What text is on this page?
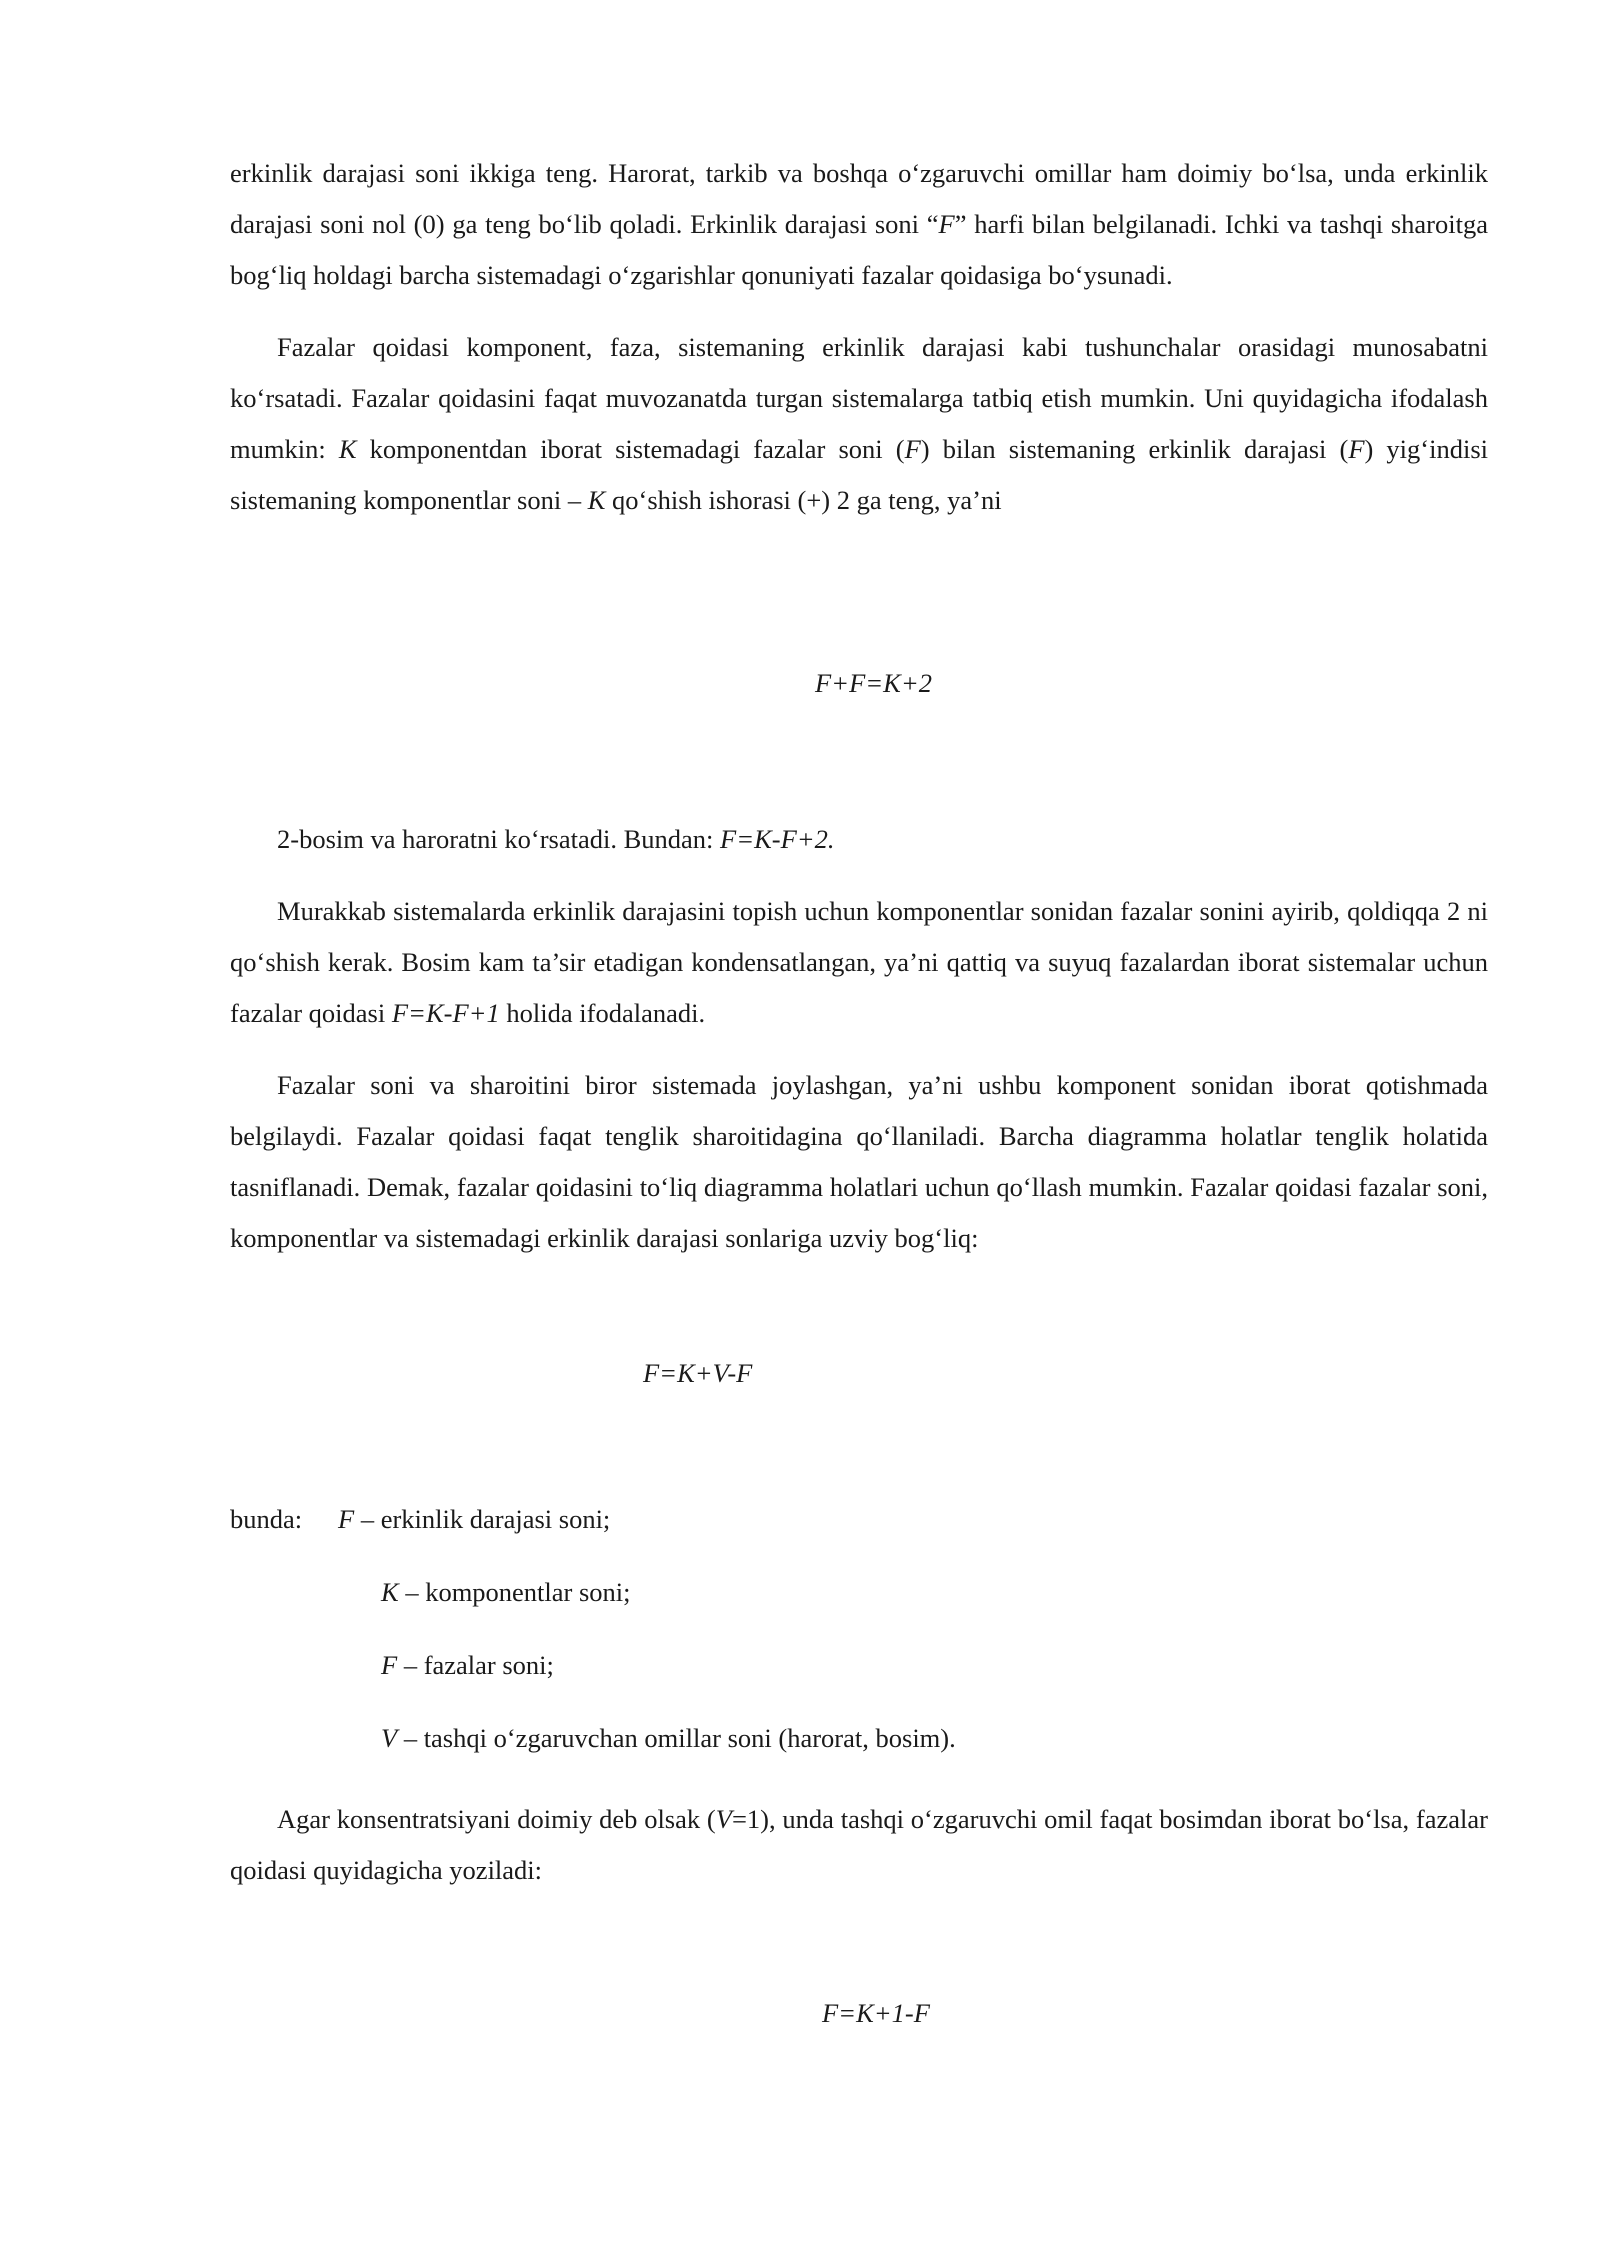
erkinlik darajasi soni ikkiga teng. Harorat, tarkib va boshqa o‘zgaruvchi omillar ham doimiy bo‘lsa, unda erkinlik darajasi soni nol (0) ga teng bo‘lib qoladi. Erkinlik darajasi soni “F” harfi bilan belgilanadi. Ichki va tashqi sharoitga bog‘liq holdagi barcha sistemadagi o‘zgarishlar qonuniyati fazalar qoidasiga bo‘ysunadi.

Fazalar qoidasi komponent, faza, sistemaning erkinlik darajasi kabi tushunchalar orasidagi munosabatni ko‘rsatadi. Fazalar qoidasini faqat muvozanatda turgan sistemalarga tatbiq etish mumkin. Uni quyidagicha ifodalash mumkin: K komponentdan iborat sistemadagi fazalar soni (F) bilan sistemaning erkinlik darajasi (F) yig‘indisi sistemaning komponentlar soni – K qo‘shish ishorasi (+) 2 ga teng, ya’ni

F+F=K+2

2-bosim va haroratni ko‘rsatadi. Bundan: F=K-F+2.

Murakkab sistemalarda erkinlik darajasini topish uchun komponentlar sonidan fazalar sonini ayirib, qoldiqqa 2 ni qo‘shish kerak. Bosim kam ta’sir etadigan kondensatlangan, ya’ni qattiq va suyuq fazalardan iborat sistemalar uchun fazalar qoidasi F=K-F+1 holida ifodalanadi.

Fazalar soni va sharoitini biror sistemada joylashgan, ya’ni ushbu komponent sonidan iborat qotishmada belgilaydi. Fazalar qoidasi faqat tenglik sharoitidagina qo‘llaniladi. Barcha diagramma holatlar tenglik holatida tasniflanadi. Demak, fazalar qoidasini to‘liq diagramma holatlari uchun qo‘llash mumkin. Fazalar qoidasi fazalar soni, komponentlar va sistemadagi erkinlik darajasi sonlariga uzviy bog‘liq:

F=K+V-F
bunda: F – erkinlik darajasi soni;
K – komponentlar soni;
F – fazalar soni;
V – tashqi o‘zgaruvchan omillar soni (harorat, bosim).

Agar konsentratsiyani doimiy deb olsak (V=1), unda tashqi o‘zgaruvchi omil faqat bosimdan iborat bo‘lsa, fazalar qoidasi quyidagicha yoziladi:

F=K+1-F
